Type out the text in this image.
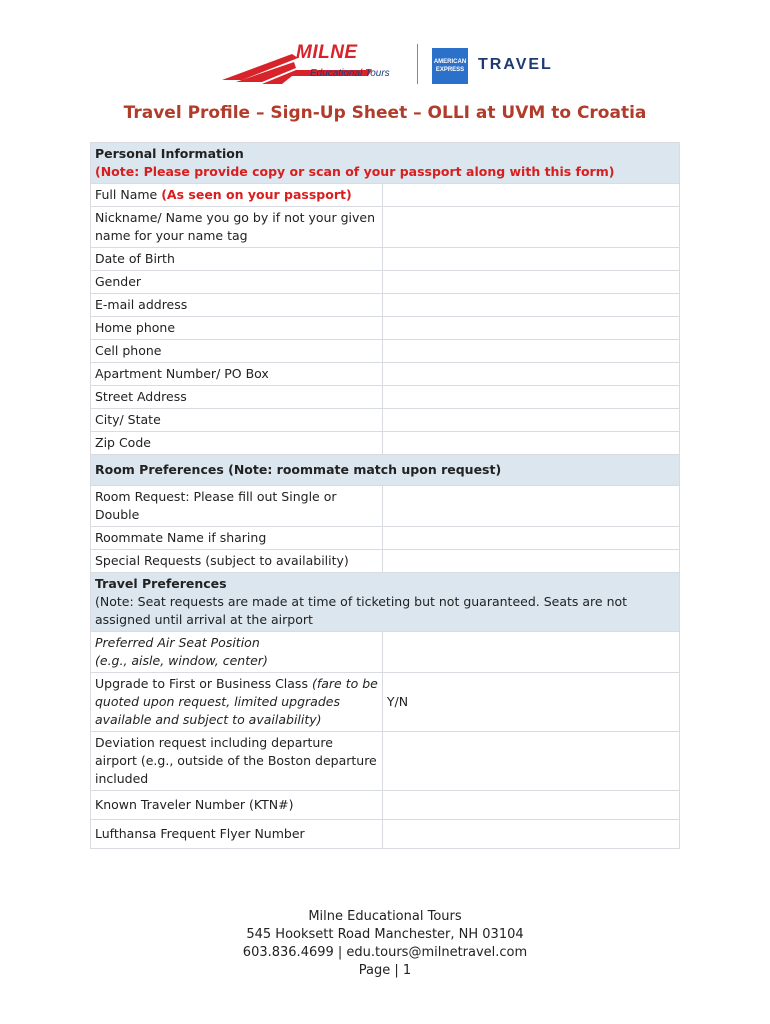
MILNE
Educational Tours
AMERICAN EXPRESS TRAVEL
Travel Profile – Sign-Up Sheet – OLLI at UVM to Croatia
Personal Information
(Note: Please provide copy or scan of your passport along with this form)	

Full Name (As seen on your passport)	
Nickname/ Name you go by if not your given name for your name tag	
Date of Birth	
Gender	
E-mail address	
Home phone	
Cell phone	
Apartment Number/ PO Box	
Street Address	
City/ State	
Zip Code	

Room Preferences (Note: roommate match upon request)	

Room Request: Please fill out Single or Double	
Roommate Name if sharing	
Special Requests (subject to availability)	

Travel Preferences
(Note: Seat requests are made at time of ticketing but not guaranteed. Seats are not assigned until arrival at the airport	

Preferred Air Seat Position
(e.g., aisle, window, center)	

Upgrade to First or Business Class (fare to be quoted upon request, limited upgrades available and subject to availability)	Y/N
Deviation request including departure airport (e.g., outside of the Boston departure included	
Known Traveler Number (KTN#)	
Lufthansa Frequent Flyer Number	
Milne Educational Tours
545 Hooksett Road Manchester, NH 03104
603.836.4699 | edu.tours@milnetravel.com
Page | 1
